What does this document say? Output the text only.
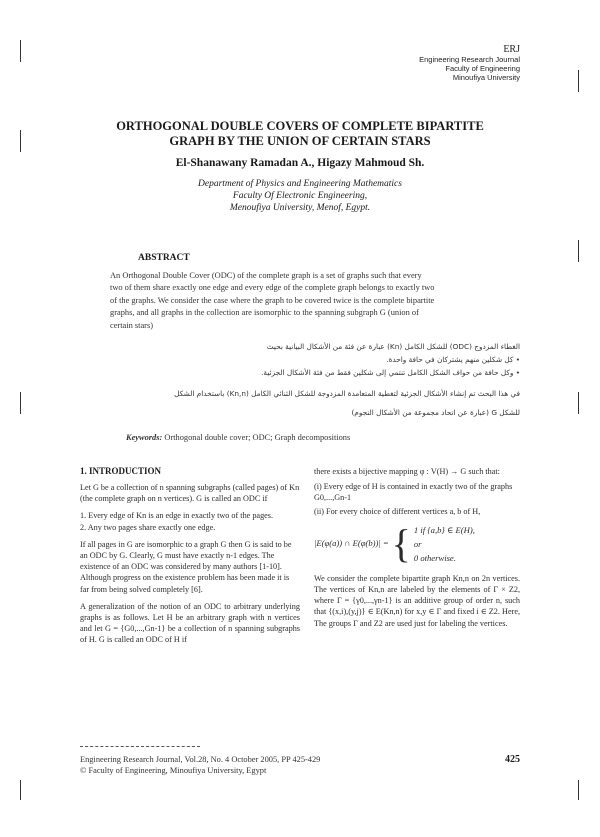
ERJ
Engineering Research Journal
Faculty of Engineering
Minoufiya University
ORTHOGONAL DOUBLE COVERS OF COMPLETE BIPARTITE
GRAPH BY THE UNION OF CERTAIN STARS
El-Shanawany Ramadan A., Higazy Mahmoud Sh.
Department of Physics and Engineering Mathematics
Faculty Of Electronic Engineering,
Menoufiya University, Menof, Egypt.
ABSTRACT
An Orthogonal Double Cover (ODC) of the complete graph is a set of graphs such that every
two of them share exactly one edge and every edge of the complete graph belongs to exactly two
of the graphs. We consider the case where the graph to be covered twice is the complete bipartite
graphs, and all graphs in the collection are isomorphic to the spanning subgraph G (union of
certain stars)
الغطاء المزدوج (ODC) للشكل الكامل (Kn) عبارة عن فئة من الأشكال البيانية بحيث
• كل شكلين منهم يشتركان في حافة واحدة.
• وكل حافة من حواف الشكل الكامل تنتمي إلى شكلين فقط من فئة الأشكال الجزئية.
في هذا البحث تم إنشاء الأشكال الجزئية لتغطية المتعامدة المزدوجة للشكل الثنائي الكامل (Kn,n) باستخدام الشكل
للشكل G (عبارة عن اتحاد مجموعة من الأشكال النجوم)
Keywords: Orthogonal double cover; ODC; Graph decompositions
1. INTRODUCTION

Let G be a collection of n spanning subgraphs (called pages) of Kn (the complete graph on n vertices). G is called an ODC if

1. Every edge of Kn is an edge in exactly two of the pages.

2. Any two pages share exactly one edge.

If all pages in G are isomorphic to a graph G then G is said to be an ODC by G. Clearly, G must have exactly n-1 edges. The existence of an ODC was considered by many authors [1-10]. Although progress on the existence problem has been made it is far from being solved completely [6].

A generalization of the notion of an ODC to arbitrary underlying graphs is as follows. Let H be an arbitrary graph with n vertices and let G = {G0,...,Gn-1} be a collection of n spanning subgraphs of H. G is called an ODC of H if

there exists a bijective mapping φ : V(H) → G such that:

(i) Every edge of H is contained in exactly two of the graphs G0,...,Gn-1

(ii) For every choice of different vertices a, b of H,

|E(φ(a)) ∩ E(φ(b))| = { 1 if {a,b} ∈ E(H),
or
0 otherwise.

We consider the complete bipartite graph Kn,n on 2n vertices. The vertices of Kn,n are labeled by the elements of Γ × Z2, where Γ = {γ0,...,γn-1} is an additive group of order n, such that {(x,i),(y,j)} ∈ E(Kn,n) for x,y ∈ Γ and fixed i ∈ Z2. Here, The groups Γ and Z2 are used just for labeling the vertices.

Engineering Research Journal, Vol.28, No. 4 October 2005, PP 425-429
© Faculty of Engineering, Minoufiya University, Egypt
425
